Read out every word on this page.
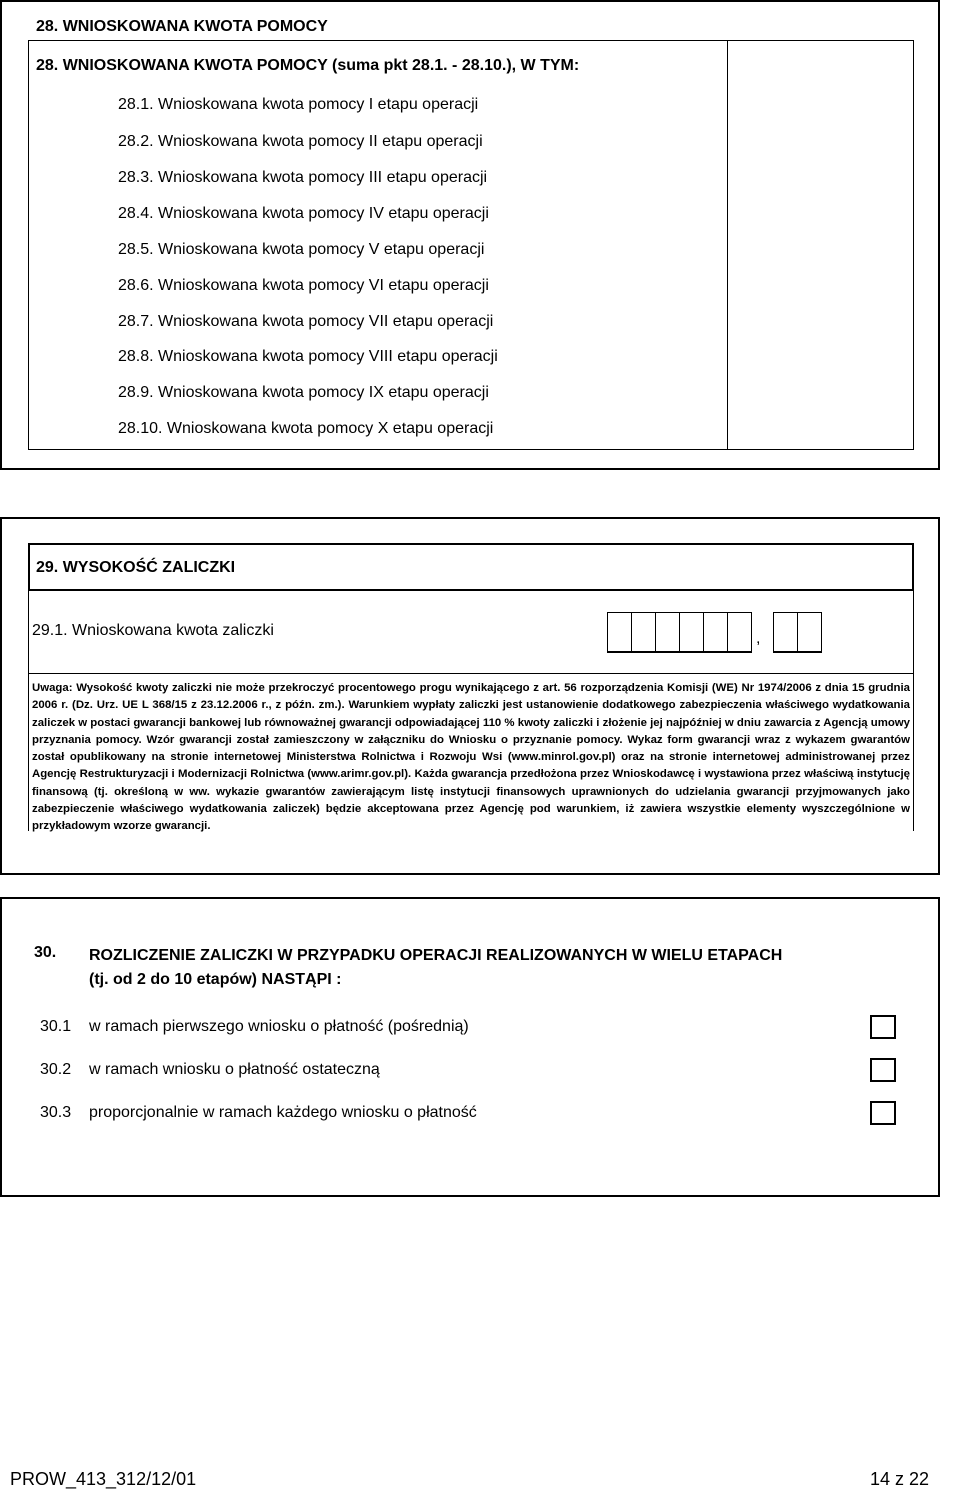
28. WNIOSKOWANA KWOTA POMOCY
28. WNIOSKOWANA KWOTA POMOCY (suma pkt 28.1. - 28.10.), W TYM:
28.1. Wnioskowana kwota pomocy I etapu operacji
28.2. Wnioskowana kwota pomocy II etapu operacji
28.3. Wnioskowana kwota pomocy III etapu operacji
28.4. Wnioskowana kwota pomocy IV etapu operacji
28.5. Wnioskowana kwota pomocy V etapu operacji
28.6. Wnioskowana kwota pomocy VI etapu operacji
28.7. Wnioskowana kwota pomocy VII etapu operacji
28.8. Wnioskowana kwota pomocy VIII etapu operacji
28.9. Wnioskowana kwota pomocy IX etapu operacji
28.10. Wnioskowana kwota pomocy X etapu operacji
29. WYSOKOŚĆ ZALICZKI
29.1. Wnioskowana kwota zaliczki	,

Uwaga: Wysokość kwoty zaliczki nie może przekroczyć procentowego progu wynikającego z art. 56 rozporządzenia Komisji (WE) Nr 1974/2006 z dnia 15 grudnia 2006 r. (Dz. Urz. UE L 368/15 z 23.12.2006 r., z późn. zm.). Warunkiem wypłaty zaliczki jest ustanowienie dodatkowego zabezpieczenia właściwego wydatkowania zaliczek w postaci gwarancji bankowej lub równoważnej gwarancji odpowiadającej 110 % kwoty zaliczki i złożenie jej najpóźniej w dniu zawarcia z Agencją umowy przyznania pomocy. Wzór gwarancji został zamieszczony w załączniku do Wniosku o przyznanie pomocy. Wykaz form gwarancji wraz z wykazem gwarantów został opublikowany na stronie internetowej Ministerstwa Rolnictwa i Rozwoju Wsi (www.minrol.gov.pl) oraz na stronie internetowej administrowanej przez Agencję Restrukturyzacji i Modernizacji Rolnictwa (www.arimr.gov.pl). Każda gwarancja przedłożona przez Wnioskodawcę i wystawiona przez właściwą instytucję finansową (tj. określoną w ww. wykazie gwarantów zawierającym listę instytucji finansowych uprawnionych do udzielania gwarancji przyjmowanych jako zabezpieczenie właściwego wydatkowania zaliczek) będzie akceptowana przez Agencję pod warunkiem, iż zawiera wszystkie elementy wyszczególnione w przykładowym wzorze gwarancji.

30. ROZLICZENIE ZALICZKI W PRZYPADKU OPERACJI REALIZOWANYCH W WIELU ETAPACH
(tj. od 2 do 10 etapów) NASTĄPI :
30.1 w ramach pierwszego wniosku o płatność (pośrednią)
30.2 w ramach wniosku o płatność ostateczną
30.3 proporcjonalnie w ramach każdego wniosku o płatność
PROW_413_312/12/01	14 z 22
